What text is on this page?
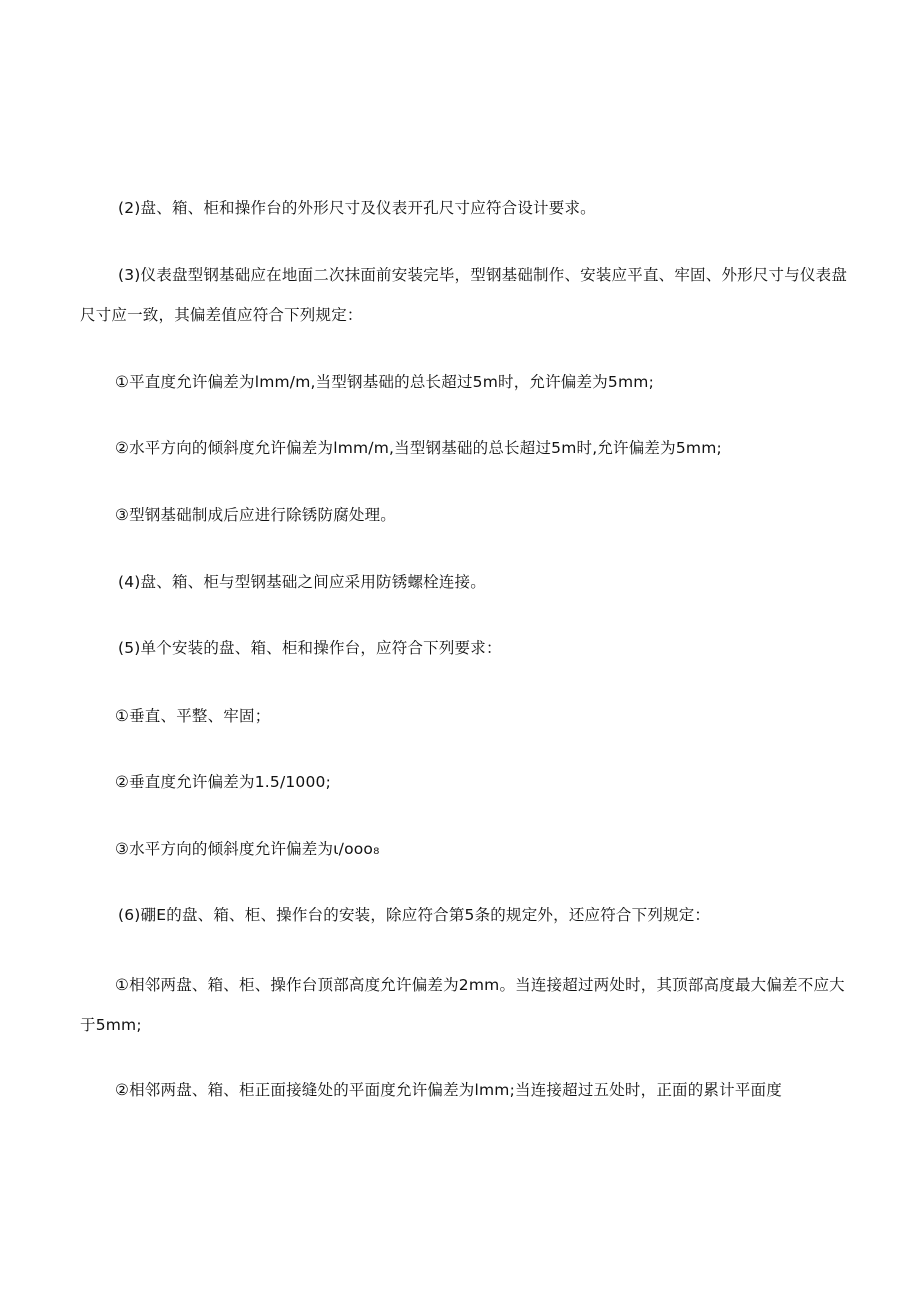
(2)盘、箱、柜和操作台的外形尺寸及仪表开孔尺寸应符合设计要求。
(3)仪表盘型钢基础应在地面二次抹面前安装完毕，型钢基础制作、安装应平直、牢固、外形尺寸与仪表盘尺寸应一致，其偏差值应符合下列规定：
①平直度允许偏差为lmm/m,当型钢基础的总长超过5m时，允许偏差为5mm;
②水平方向的倾斜度允许偏差为lmm∕m,当型钢基础的总长超过5m时,允许偏差为5mm;
③型钢基础制成后应进行除锈防腐处理。
(4)盘、箱、柜与型钢基础之间应采用防锈螺栓连接。
(5)单个安装的盘、箱、柜和操作台，应符合下列要求：
①垂直、平整、牢固；
②垂直度允许偏差为1.5/1000;
③水平方向的倾斜度允许偏差为ι∕ooo₈
(6)硼E的盘、箱、柜、操作台的安装，除应符合第5条的规定外，还应符合下列规定：
①相邻两盘、箱、柜、操作台顶部高度允许偏差为2mm。当连接超过两处时，其顶部高度最大偏差不应大于5mm;
②相邻两盘、箱、柜正面接缝处的平面度允许偏差为lmm;当连接超过五处时，正面的累计平面度
